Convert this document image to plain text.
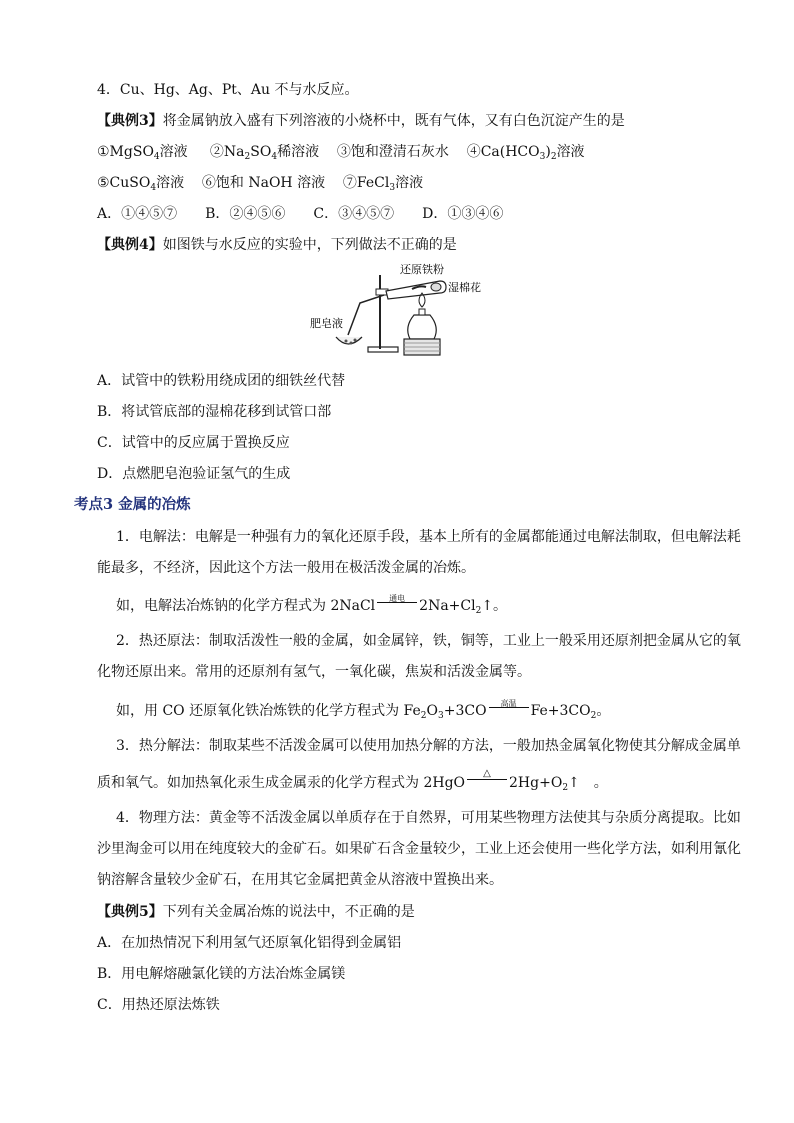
4．Cu、Hg、Ag、Pt、Au 不与水反应。
【典例3】将金属钠放入盛有下列溶液的小烧杯中，既有气体，又有白色沉淀产生的是
①MgSO$_4$溶液 $②Na_2SO_4$稀溶液 ③饱和澄清石灰水 $④Ca(HCO_3)_2$溶液
⑤CuSO$_4$溶液 ⑥饱和 NaOH 溶液 ⑦FeCl$_3$溶液
A．①④⑤⑦　　B．②④⑤⑥　　C．③④⑤⑦　　D．①③④⑥
【典例4】如图铁与水反应的实验中，下列做法不正确的是
还原铁粉
湿棉花
肥皂液
A．试管中的铁粉用绕成团的细铁丝代替
B．将试管底部的湿棉花移到试管口部
C．试管中的反应属于置换反应
D．点燃肥皂泡验证氢气的生成
考点3 金属的冶炼
1．电解法：电解是一种强有力的氧化还原手段，基本上所有的金属都能通过电解法制取，但电解法耗
能最多，不经济，因此这个方法一般用在极活泼金属的冶炼。
如，电解法冶炼钠的化学方程式为 2NaCl	通电	$2Na+Cl_2↑$。
2．热还原法：制取活泼性一般的金属，如金属锌，铁，铜等，工业上一般采用还原剂把金属从它的氧
化物还原出来。常用的还原剂有氢气，一氧化碳，焦炭和活泼金属等。
如，用 CO 还原氧化铁冶炼铁的化学方程式为 $Fe_2O_3+3CO$	高温	$Fe+3CO_2$。
3．热分解法：制取某些不活泼金属可以使用加热分解的方法，一般加热金属氧化物使其分解成金属单
质和氧气。如加热氧化汞生成金属汞的化学方程式为 2HgO
△
$2Hg+O_2↑$　。
4．物理方法：黄金等不活泼金属以单质存在于自然界，可用某些物理方法使其与杂质分离提取。比如
沙里淘金可以用在纯度较大的金矿石。如果矿石含金量较少，工业上还会使用一些化学方法，如利用氰化
钠溶解含量较少金矿石，在用其它金属把黄金从溶液中置换出来。
【典例5】下列有关金属冶炼的说法中，不正确的是
A．在加热情况下利用氢气还原氧化铝得到金属铝
B．用电解熔融氯化镁的方法冶炼金属镁
C．用热还原法炼铁
